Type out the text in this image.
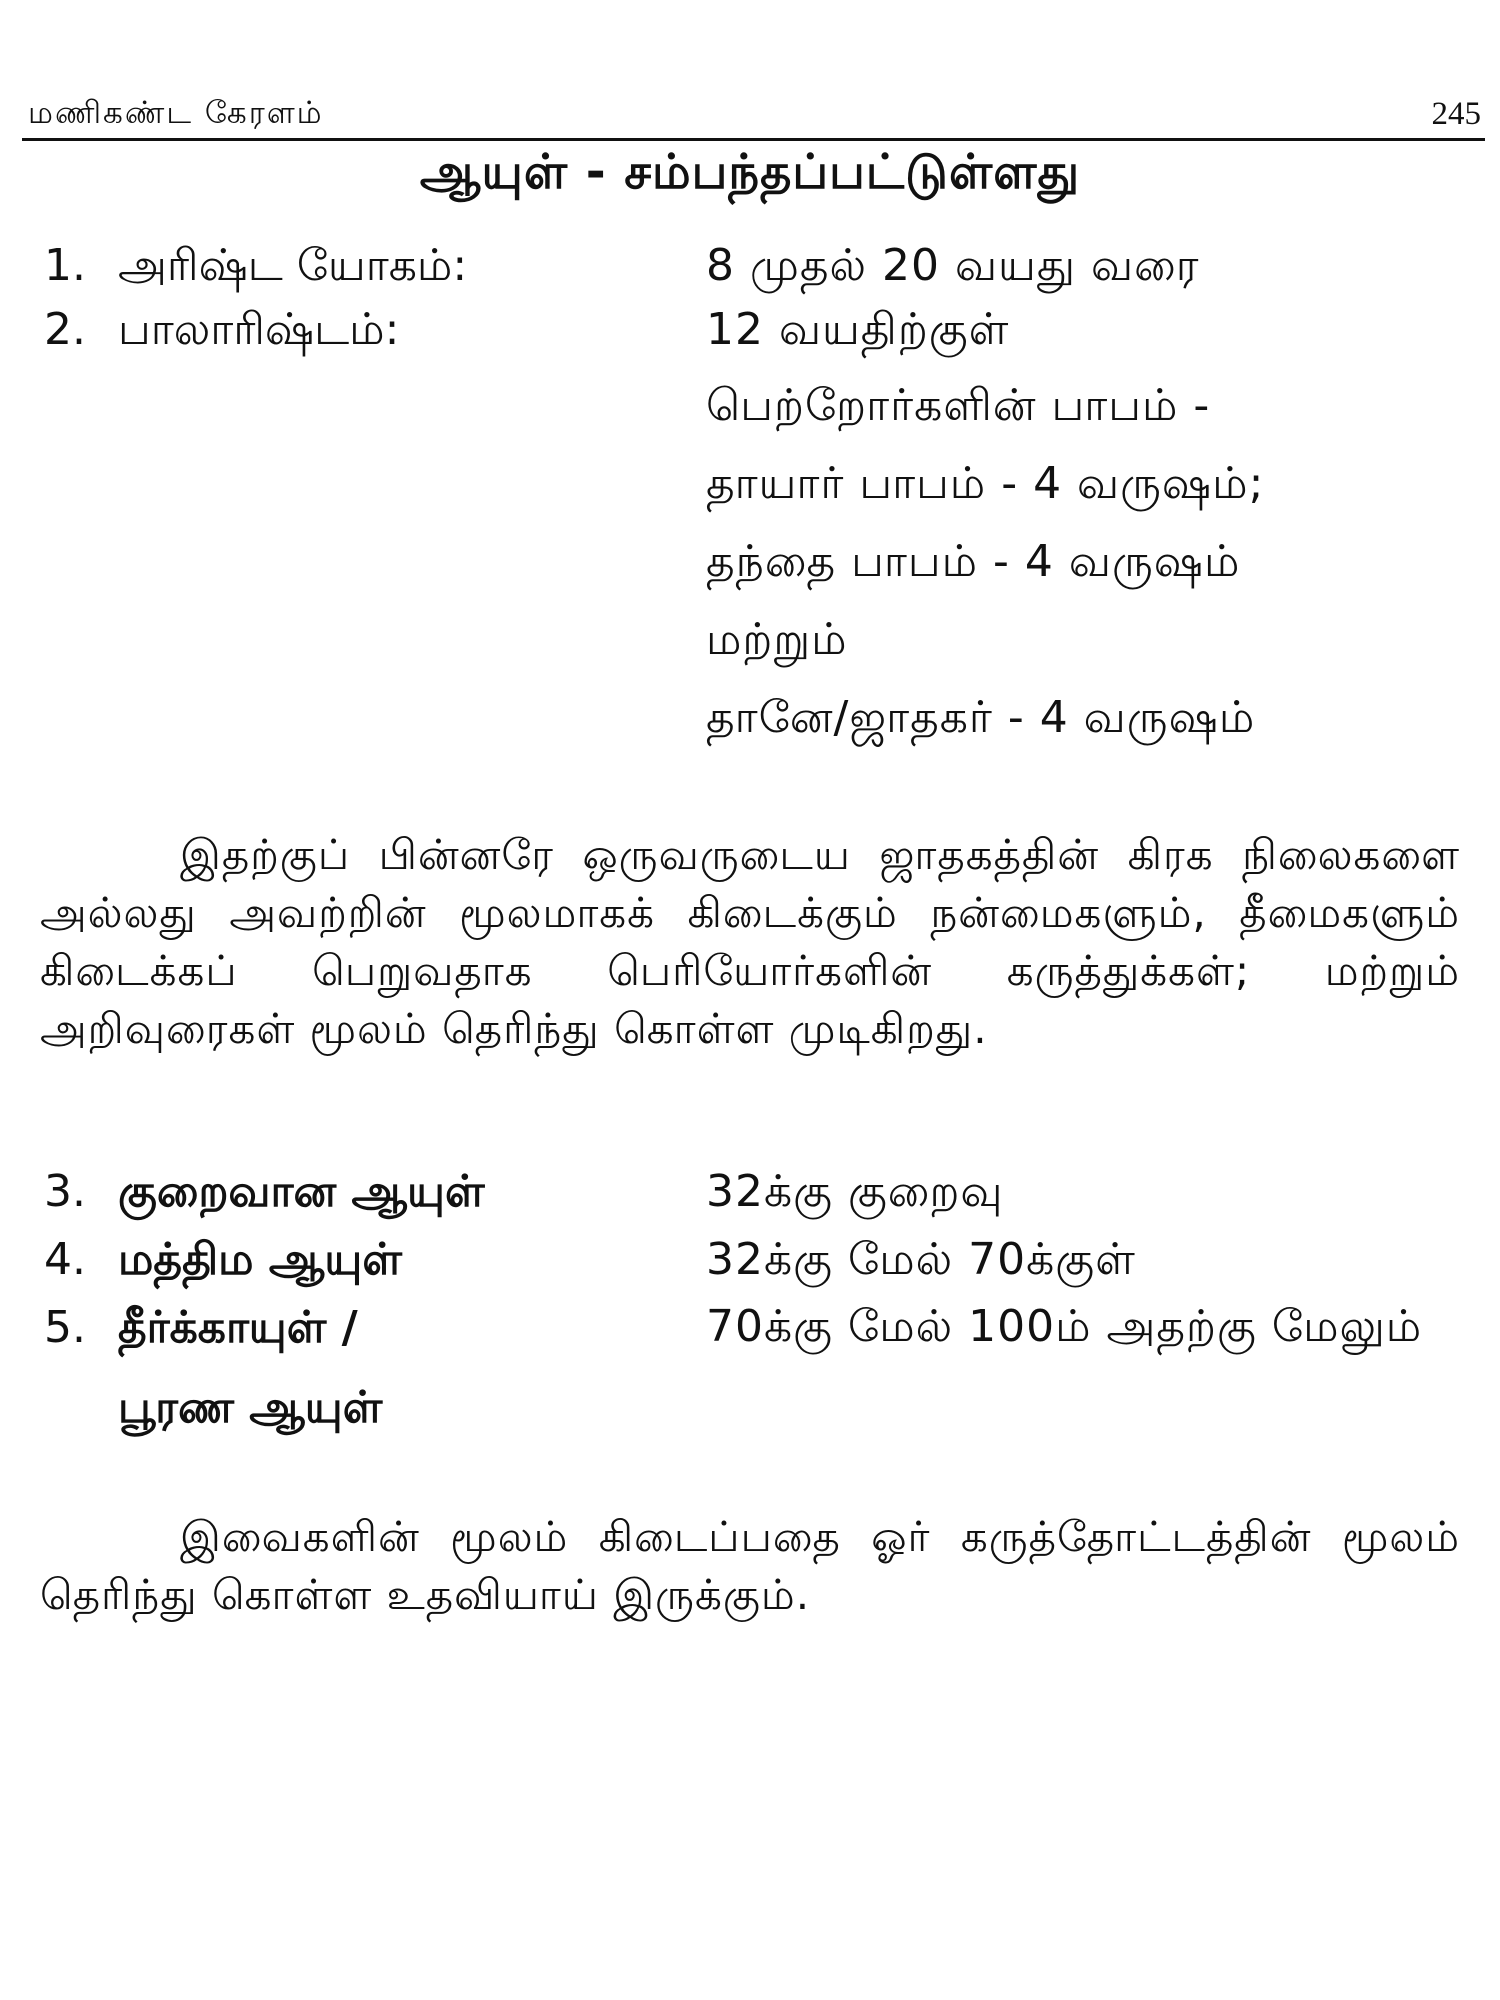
மணிகண்ட கேரளம்	245
ஆயுள் - சம்பந்தப்பட்டுள்ளது
1. அரிஷ்ட யோகம்:	8 முதல் 20 வயது வரை
2. பாலாரிஷ்டம்:	12 வயதிற்குள்
பெற்றோர்களின் பாபம் -
தாயார் பாபம் - 4 வருஷம்;
தந்தை பாபம் - 4 வருஷம்
மற்றும்
தானே/ஜாதகர் - 4 வருஷம்
இதற்குப் பின்னரே ஒருவருடைய ஜாதகத்தின் கிரக நிலைகளை அல்லது அவற்றின் மூலமாகக் கிடைக்கும் நன்மைகளும், தீமைகளும் கிடைக்கப் பெறுவதாக பெரியோர்களின் கருத்துக்கள்; மற்றும் அறிவுரைகள் மூலம் தெரிந்து கொள்ள முடிகிறது.
3. குறைவான ஆயுள்	32க்கு குறைவு
4. மத்திம ஆயுள்	32க்கு மேல் 70க்குள்
5. தீர்க்காயுள் /	70க்கு மேல் 100ம் அதற்கு மேலும்
பூரண ஆயுள்
இவைகளின் மூலம் கிடைப்பதை ஓர் கருத்தோட்டத்தின் மூலம் தெரிந்து கொள்ள உதவியாய் இருக்கும்.
